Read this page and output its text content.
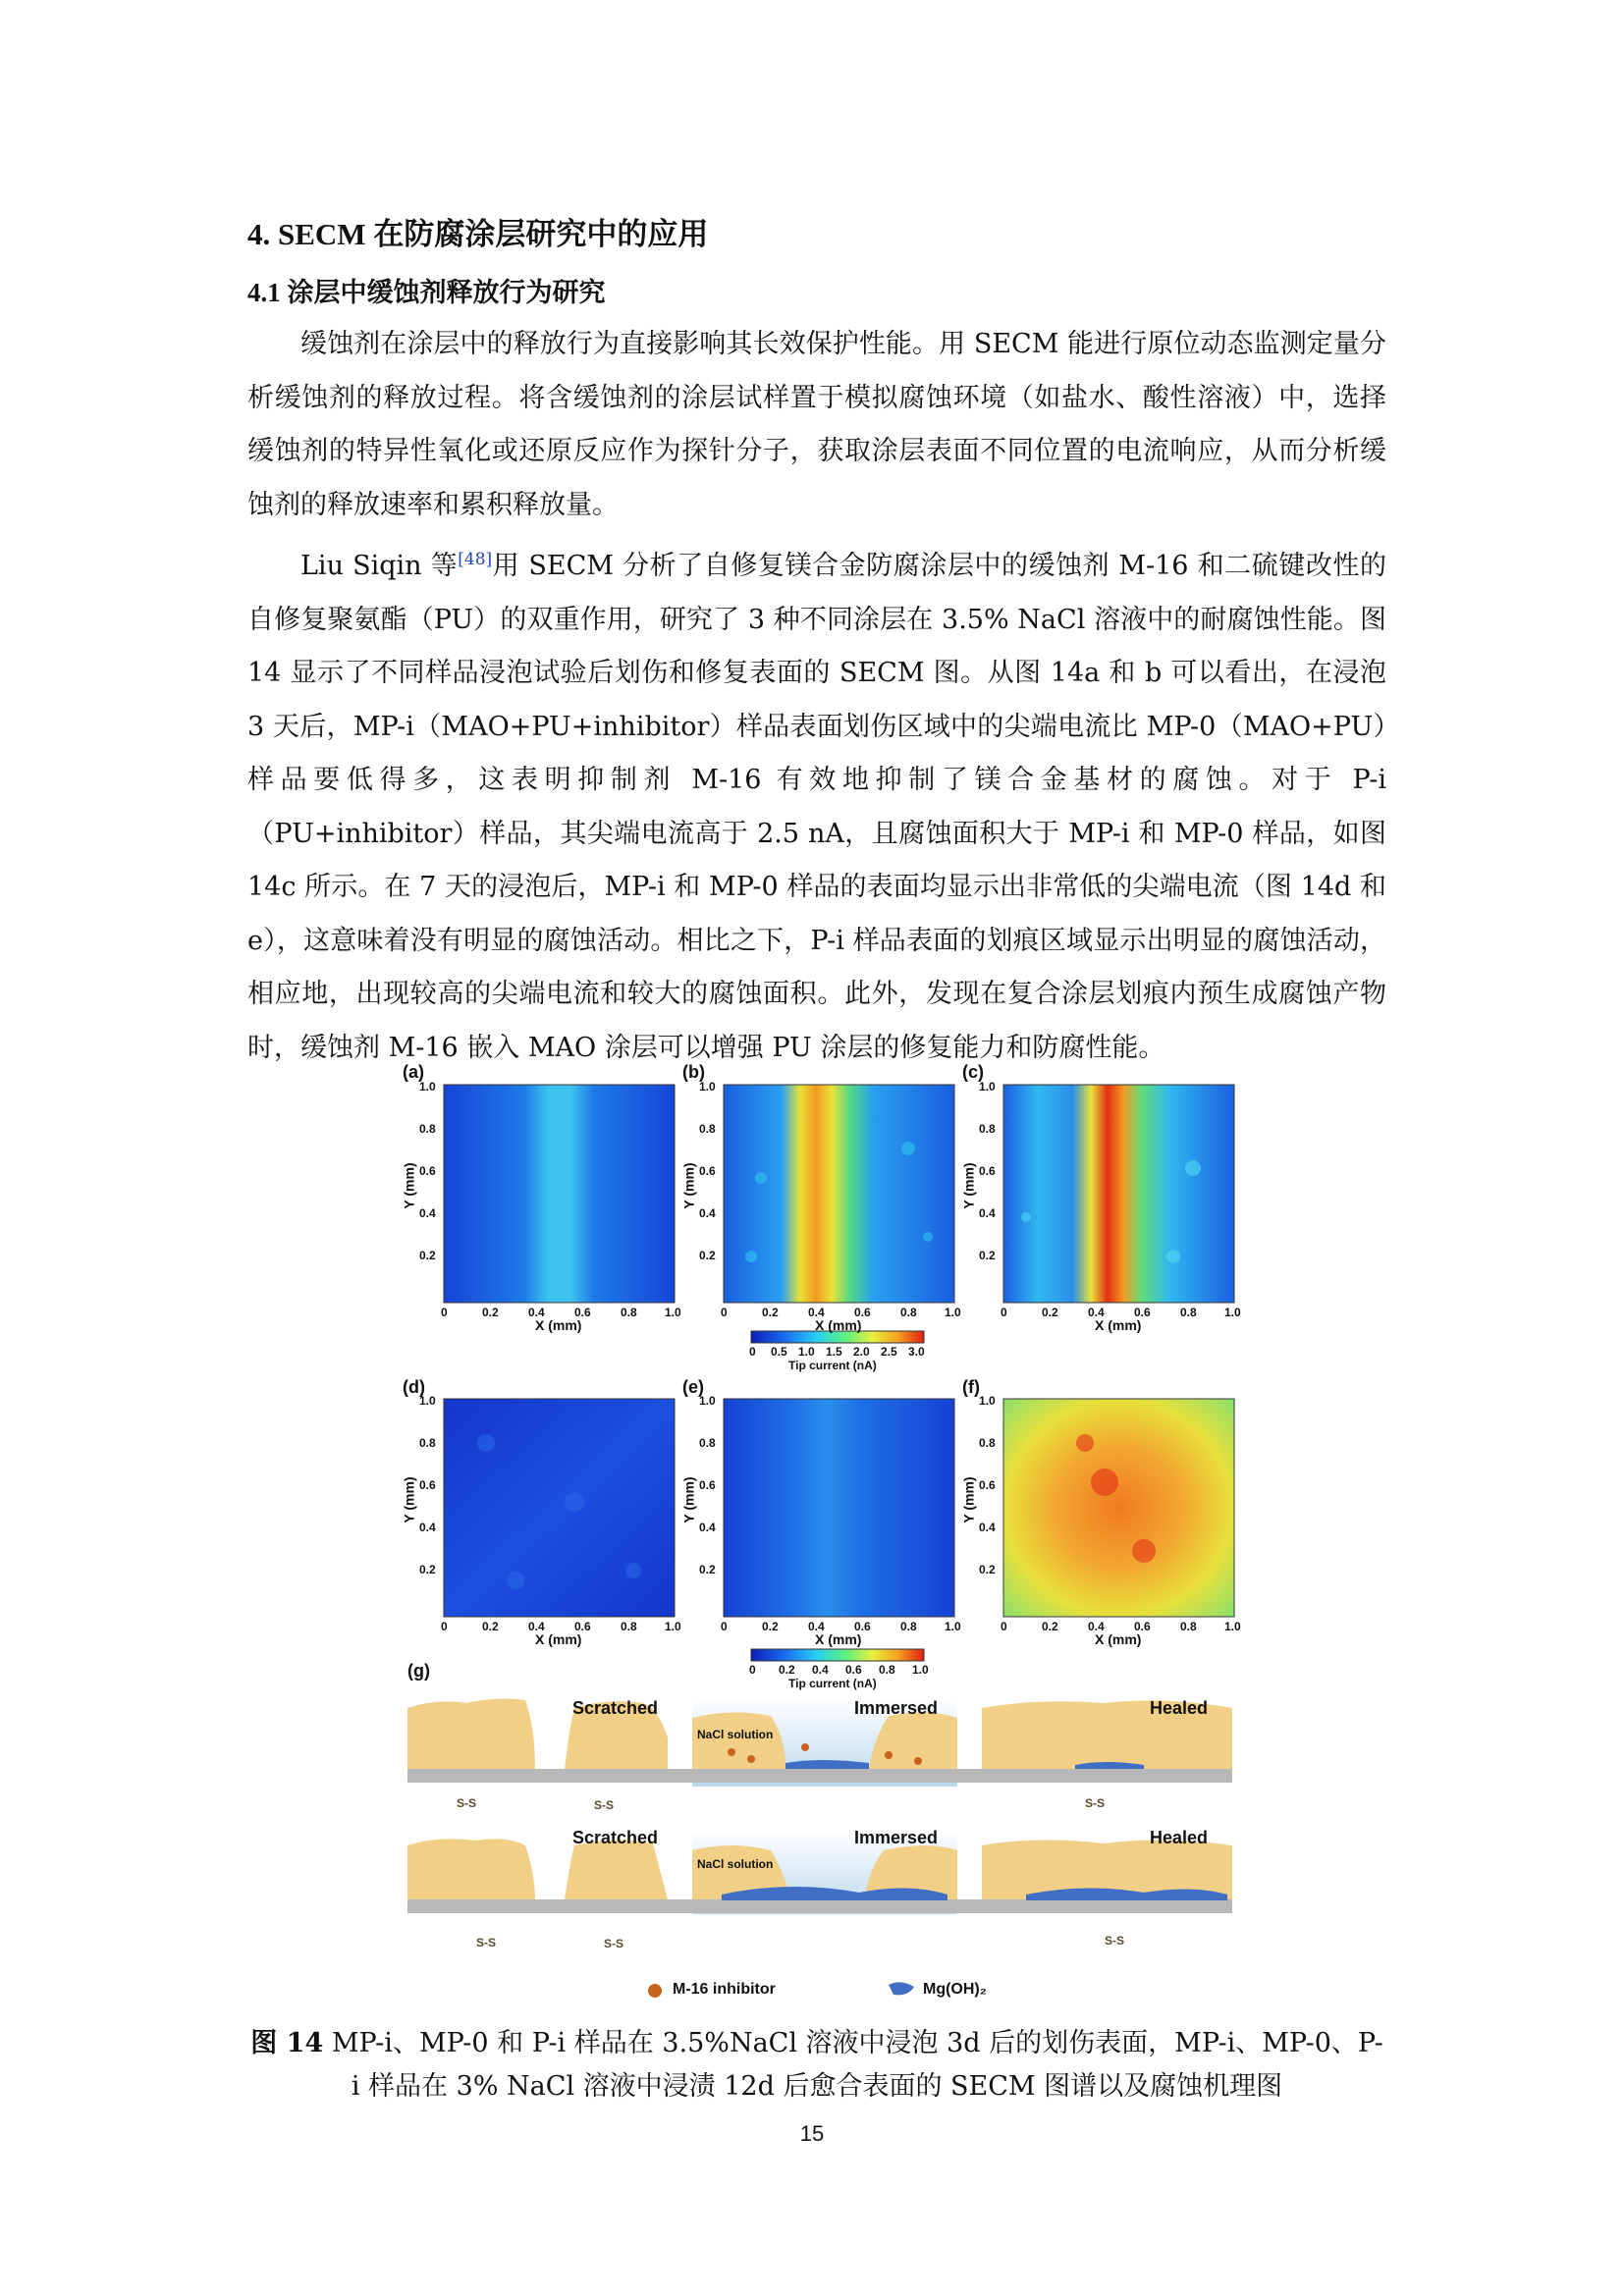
4. SECM 在防腐涂层研究中的应用
4.1 涂层中缓蚀剂释放行为研究

缓蚀剂在涂层中的释放行为直接影响其长效保护性能。用 SECM 能进行原位动态监测定量分析缓蚀剂的释放过程。将含缓蚀剂的涂层试样置于模拟腐蚀环境（如盐水、酸性溶液）中，选择缓蚀剂的特异性氧化或还原反应作为探针分子，获取涂层表面不同位置的电流响应，从而分析缓蚀剂的释放速率和累积释放量。

Liu Siqin 等[48]用 SECM 分析了自修复镁合金防腐涂层中的缓蚀剂 M-16 和二硫键改性的自修复聚氨酯（PU）的双重作用，研究了 3 种不同涂层在 3.5% NaCl 溶液中的耐腐蚀性能。图 14 显示了不同样品浸泡试验后划伤和修复表面的 SECM 图。从图 14a 和 b 可以看出，在浸泡 3 天后，MP-i（MAO+PU+inhibitor）样品表面划伤区域中的尖端电流比 MP-0（MAO+PU）样品要低得多，这表明抑制剂 M-16 有效地抑制了镁合金基材的腐蚀。对于 P-i（PU+inhibitor）样品，其尖端电流高于 2.5 nA，且腐蚀面积大于 MP-i 和 MP-0 样品，如图 14c 所示。在 7 天的浸泡后，MP-i 和 MP-0 样品的表面均显示出非常低的尖端电流（图 14d 和 e），这意味着没有明显的腐蚀活动。相比之下，P-i 样品表面的划痕区域显示出明显的腐蚀活动，相应地，出现较高的尖端电流和较大的腐蚀面积。此外，发现在复合涂层划痕内预生成腐蚀产物时，缓蚀剂 M-16 嵌入 MAO 涂层可以增强 PU 涂层的修复能力和防腐性能。

(a)	(b)	(c)
(d)	(e)	(f)
(g)
1.0
0.8
0.6
0.4
0.2
1.0
0.8
0.6
0.4
0.2
1.0
0.8
0.6
0.4
0.2
1.0
0.8
0.6
0.4
0.2
1.0
0.8
0.6
0.4
0.2
1.0
0.8
0.6
0.4
0.2
Y (mm)	Y (mm)	Y (mm)
Y (mm)	Y (mm)	Y (mm)
0	0.2	0.4	0.6	0.8 1.0	0	0.2	0.4	0.6	0.8 1.0	0	0.2	0.4	0.6	0.8 1.0
X (mm)	X (mm)	X (mm)
0	0.2	0.4	0.6	0.8 1.0	0	0.2	0.4	0.6	0.8 1.0	0	0.2	0.4	0.6	0.8 1.0
X (mm)	X (mm)	X (mm)
0 0.5 1.0 1.5 2.0 2.5 3.0
Tip current (nA)
0 0.2 0.4 0.6 0.8 1.0
Tip current (nA)
Scratched	Immersed	Healed
NaCl solution
Scratched	Immersed	Healed
NaCl solution
S-S	S-S	S-S
S-S	S-S	S-S
M-16 inhibitor	Mg(OH)₂

图 14 MP-i、MP-0 和 P-i 样品在 3.5%NaCl 溶液中浸泡 3d 后的划伤表面，MP-i、MP-0、P-i 样品在 3% NaCl 溶液中浸渍 12d 后愈合表面的 SECM 图谱以及腐蚀机理图

15
